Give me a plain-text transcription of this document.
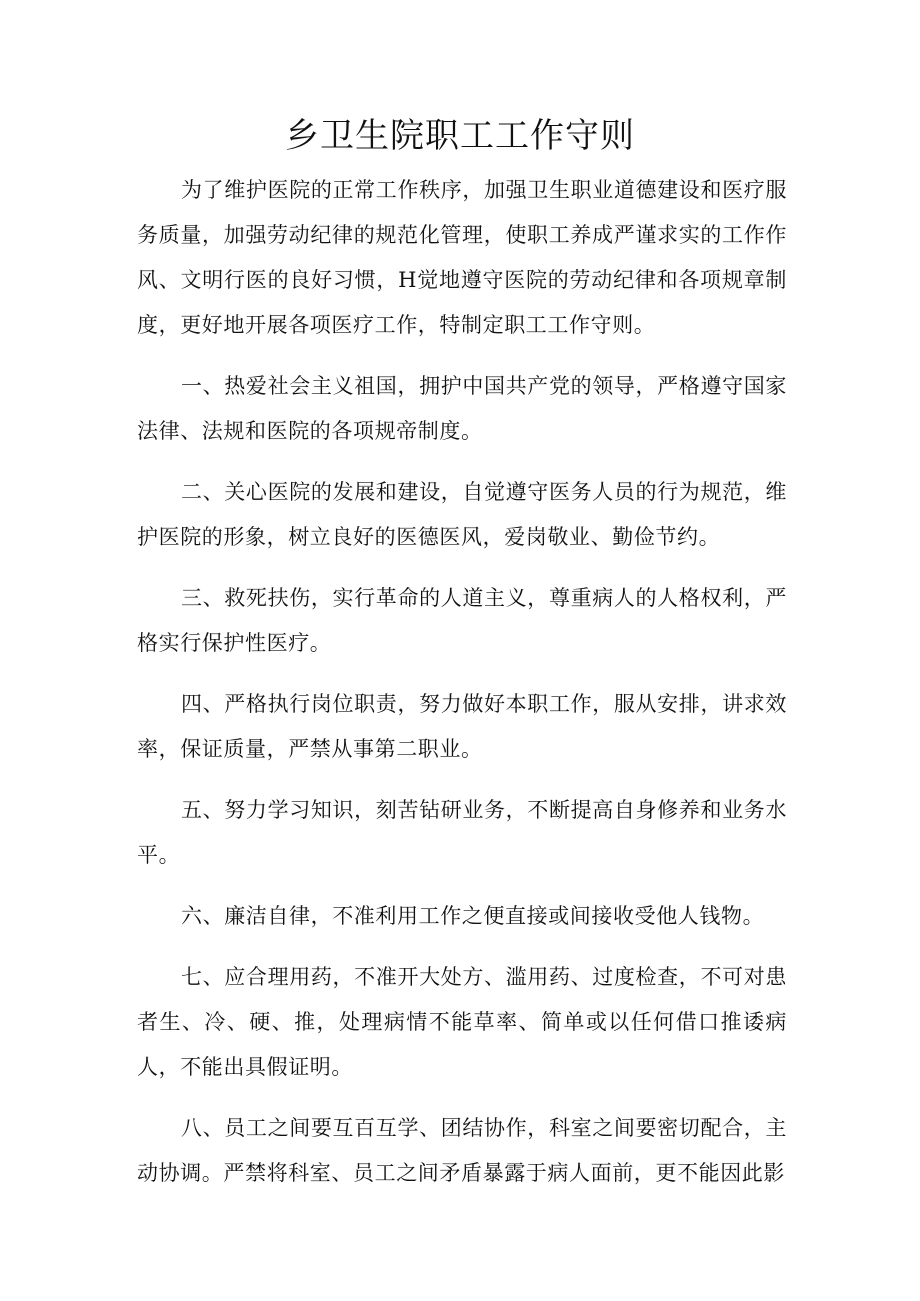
乡卫生院职工工作守则

为了维护医院的正常工作秩序，加强卫生职业道德建设和医疗服务质量，加强劳动纪律的规范化管理，使职工养成严谨求实的工作作风、文明行医的良好习惯，H觉地遵守医院的劳动纪律和各项规章制度，更好地开展各项医疗工作，特制定职工工作守则。

一、热爱社会主义祖国，拥护中国共产党的领导，严格遵守国家法律、法规和医院的各项规帝制度。

二、关心医院的发展和建设，自觉遵守医务人员的行为规范，维护医院的形象，树立良好的医德医风，爱岗敬业、勤俭节约。

三、救死扶伤，实行革命的人道主义，尊重病人的人格权利，严格实行保护性医疗。

四、严格执行岗位职责，努力做好本职工作，服从安排，讲求效率，保证质量，严禁从事第二职业。

五、努力学习知识，刻苦钻研业务，不断提高自身修养和业务水平。

六、廉洁自律，不准利用工作之便直接或间接收受他人钱物。

七、应合理用药，不准开大处方、滥用药、过度检查，不可对患者生、冷、硬、推，处理病情不能草率、简单或以任何借口推诿病人，不能出具假证明。

八、员工之间要互百互学、团结协作，科室之间要密切配合，主动协调。严禁将科室、员工之间矛盾暴露于病人面前，更不能因此影
